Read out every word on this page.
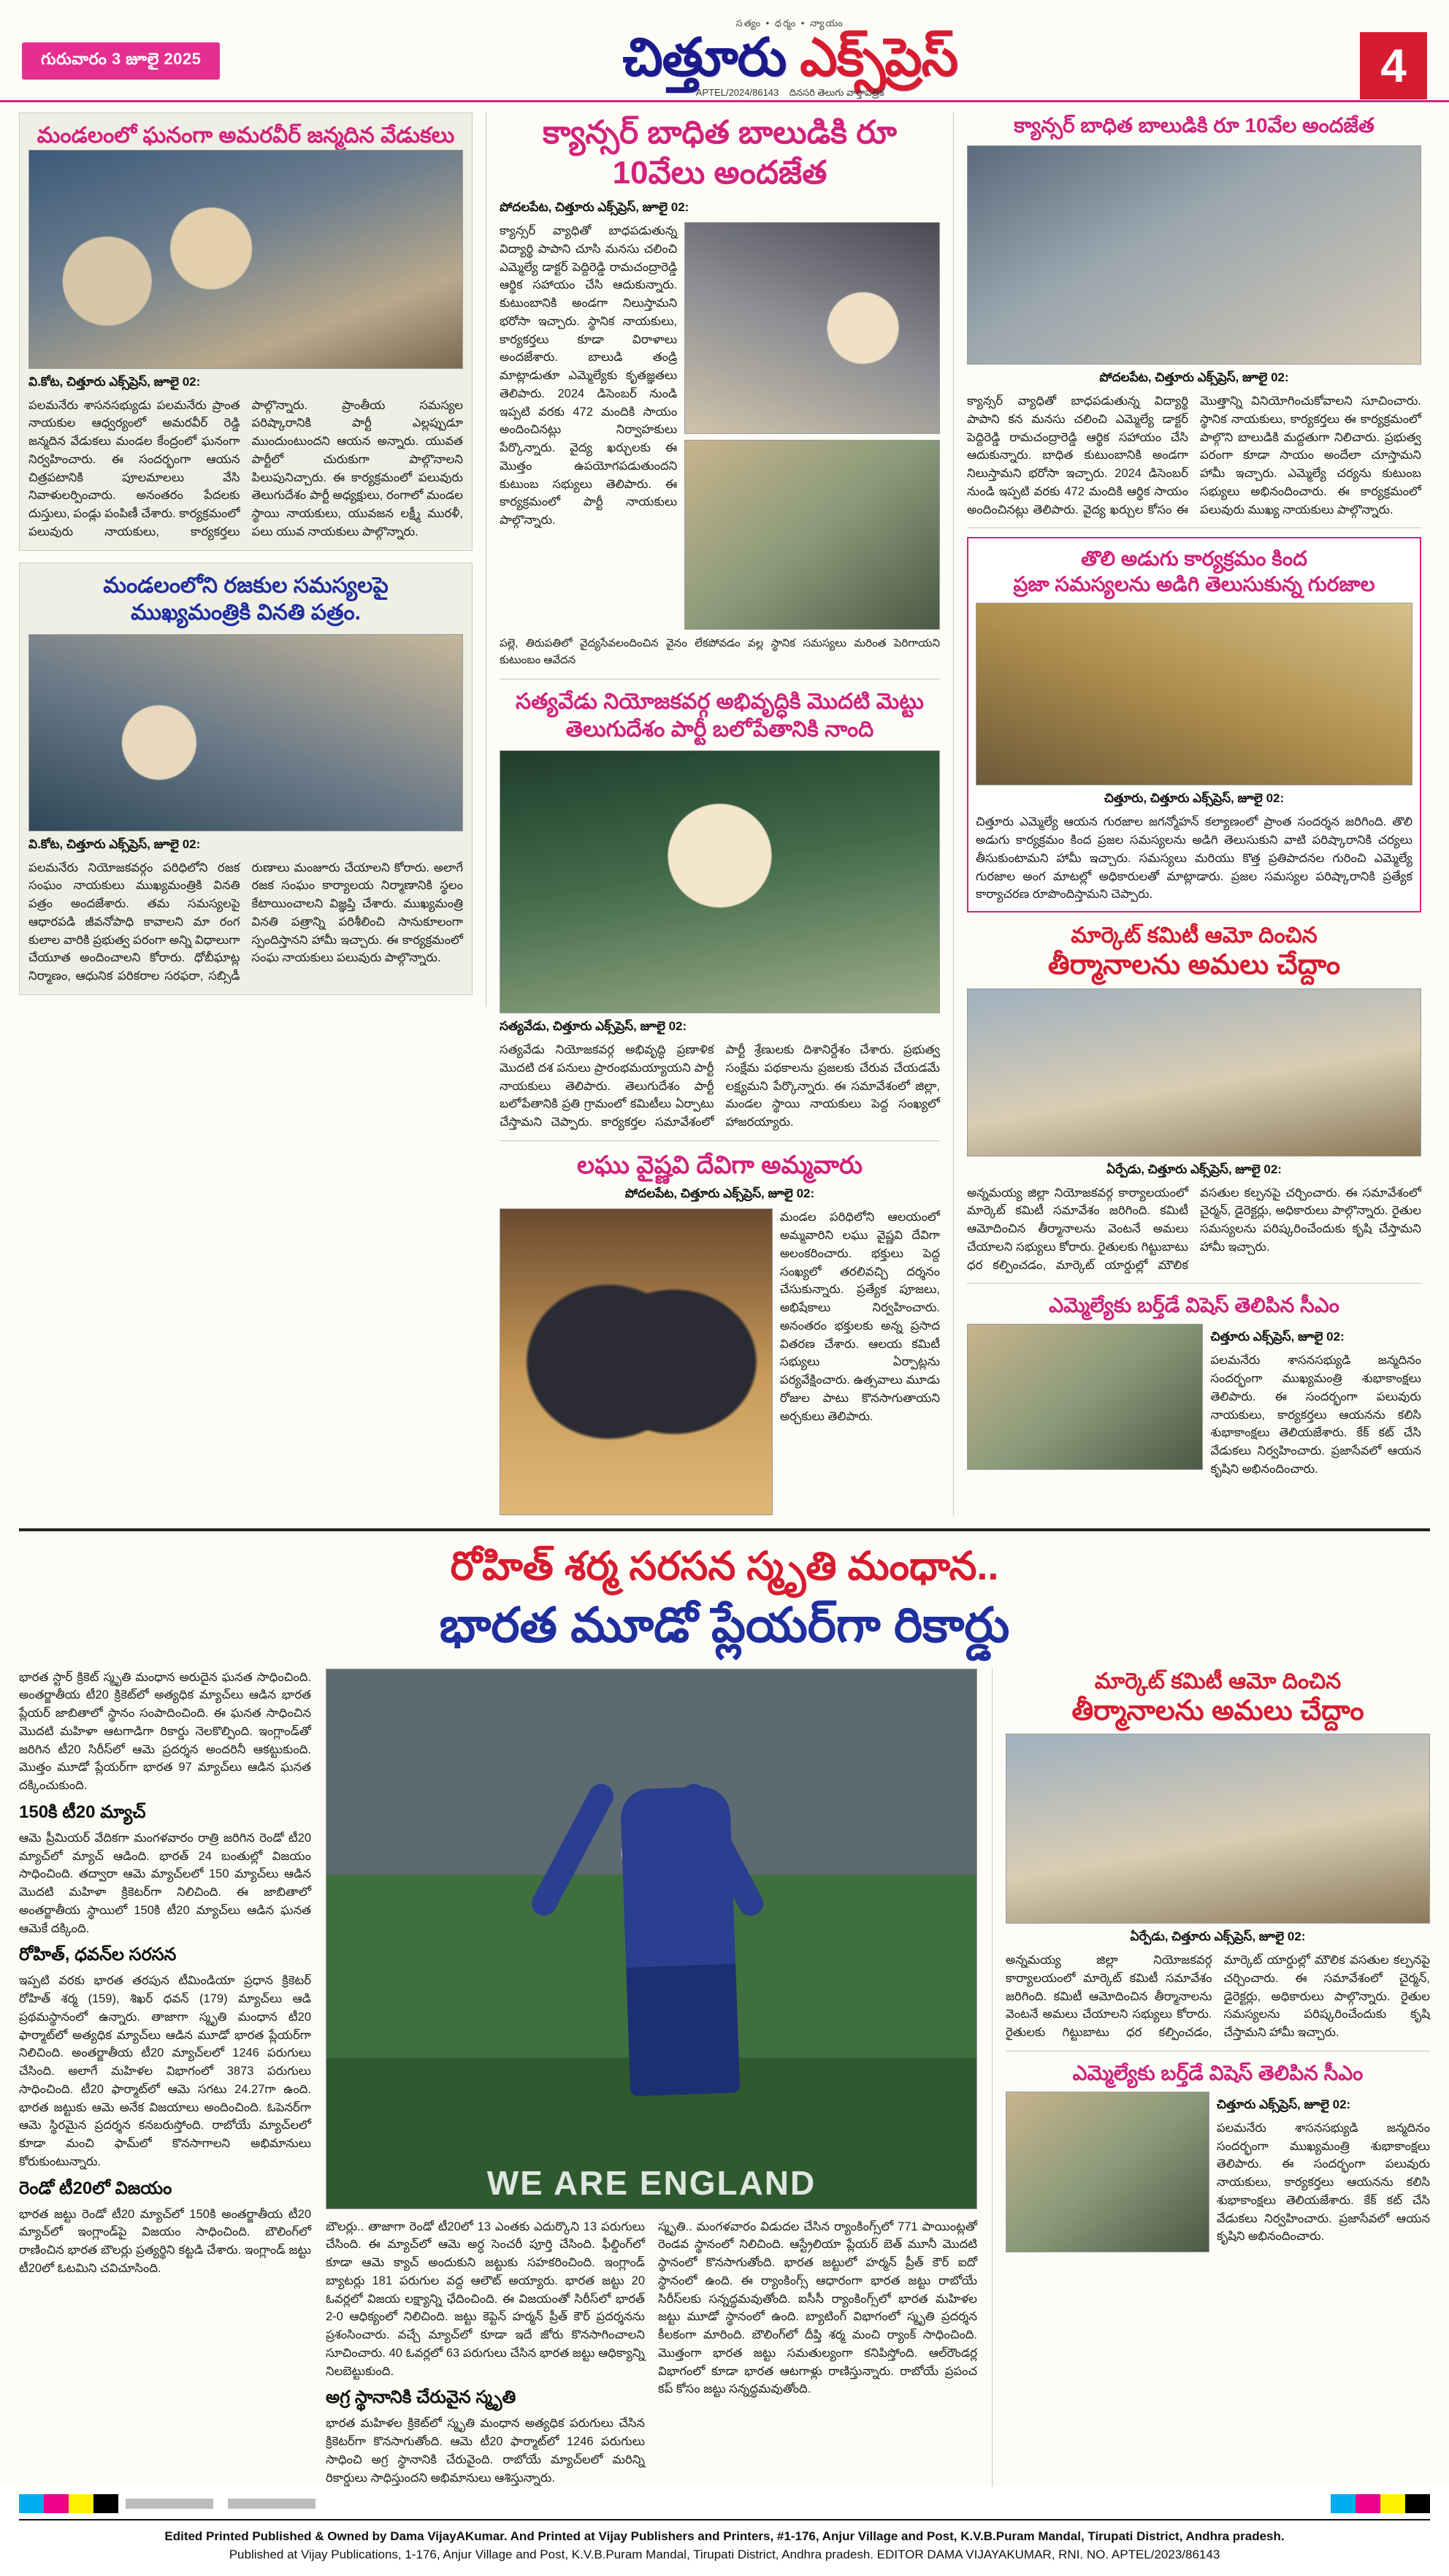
గురువారం 3 జూలై 2025
సత్యం • ధర్మం • న్యాయం
చిత్తూరు ఎక్స్‌ప్రెస్
APTEL/2024/86143 దినసరి తెలుగు వార్తాపత్రిక
4
మండలంలో ఘనంగా అమరవీర్ జన్మదిన వేడుకలు
వి.కోట, చిత్తూరు ఎక్స్‌ప్రెస్, జూలై 02:
పలమనేరు శాసనసభ్యుడు పలమనేరు ప్రాంత నాయకుల ఆధ్వర్యంలో అమరవీర్ రెడ్డి జన్మదిన వేడుకలు మండల కేంద్రంలో ఘనంగా నిర్వహించారు. ఈ సందర్భంగా ఆయన చిత్రపటానికి పూలమాలలు వేసి నివాళులర్పించారు. అనంతరం పేదలకు దుస్తులు, పండ్లు పంపిణీ చేశారు. కార్యక్రమంలో పలువురు నాయకులు, కార్యకర్తలు పాల్గొన్నారు. ప్రాంతీయ సమస్యల పరిష్కారానికి పార్టీ ఎల్లప్పుడూ ముందుంటుందని ఆయన అన్నారు. యువత పార్టీలో చురుకుగా పాల్గొనాలని పిలుపునిచ్చారు. ఈ కార్యక్రమంలో పలువురు తెలుగుదేశం పార్టీ అధ్యక్షులు, రంగాలో మండల స్థాయి నాయకులు, యువజన లక్ష్మీ మురళీ, పలు యువ నాయకులు పాల్గొన్నారు.
మండలంలోని రజకుల సమస్యలపై
ముఖ్యమంత్రికి వినతి పత్రం.
వి.కోట, చిత్తూరు ఎక్స్‌ప్రెస్, జూలై 02:
పలమనేరు నియోజకవర్గం పరిధిలోని రజక సంఘం నాయకులు ముఖ్యమంత్రికి వినతి పత్రం అందజేశారు. తమ సమస్యలపై ఆధారపడి జీవనోపాధి కావాలని మా రంగ కులాల వారికి ప్రభుత్వ పరంగా అన్ని విధాలుగా చేయూత అందించాలని కోరారు. ధోబీఘాట్ల నిర్మాణం, ఆధునిక పరికరాల సరఫరా, సబ్సిడీ రుణాలు మంజూరు చేయాలని కోరారు. అలాగే రజక సంఘం కార్యాలయ నిర్మాణానికి స్థలం కేటాయించాలని విజ్ఞప్తి చేశారు. ముఖ్యమంత్రి వినతి పత్రాన్ని పరిశీలించి సానుకూలంగా స్పందిస్తానని హామీ ఇచ్చారు. ఈ కార్యక్రమంలో సంఘ నాయకులు పలువురు పాల్గొన్నారు.
క్యాన్సర్ బాధిత బాలుడికి రూ 10వేలు అందజేత
పోదలపేట, చిత్తూరు ఎక్స్‌ప్రెస్, జూలై 02:
క్యాన్సర్ వ్యాధితో బాధపడుతున్న విద్యార్థి పాపాని చూసి మనసు చలించి ఎమ్మెల్యే డాక్టర్ పెద్దిరెడ్డి రామచంద్రారెడ్డి ఆర్థిక సహాయం చేసి ఆదుకున్నారు. కుటుంబానికి అండగా నిలుస్తామని భరోసా ఇచ్చారు. స్థానిక నాయకులు, కార్యకర్తలు కూడా విరాళాలు అందజేశారు. బాలుడి తండ్రి మాట్లాడుతూ ఎమ్మెల్యేకు కృతజ్ఞతలు తెలిపారు. 2024 డిసెంబర్ నుండి ఇప్పటి వరకు 472 మందికి సాయం అందించినట్లు నిర్వాహకులు పేర్కొన్నారు. వైద్య ఖర్చులకు ఈ మొత్తం ఉపయోగపడుతుందని కుటుంబ సభ్యులు తెలిపారు. ఈ కార్యక్రమంలో పార్టీ నాయకులు పాల్గొన్నారు.
పల్లె, తిరుపతిలో వైద్యసేవలందించిన వైనం లేకపోవడం వల్ల స్థానిక సమస్యలు మరింత పెరిగాయని కుటుంబం ఆవేదన
సత్యవేడు నియోజకవర్గ అభివృద్ధికి మొదటి మెట్టు
తెలుగుదేశం పార్టీ బలోపేతానికి నాంది
సత్యవేడు, చిత్తూరు ఎక్స్‌ప్రెస్, జూలై 02:
సత్యవేడు నియోజకవర్గ అభివృద్ధి ప్రణాళిక మొదటి దశ పనులు ప్రారంభమయ్యాయని పార్టీ నాయకులు తెలిపారు. తెలుగుదేశం పార్టీ బలోపేతానికి ప్రతి గ్రామంలో కమిటీలు ఏర్పాటు చేస్తామని చెప్పారు. కార్యకర్తల సమావేశంలో పార్టీ శ్రేణులకు దిశానిర్దేశం చేశారు. ప్రభుత్వ సంక్షేమ పథకాలను ప్రజలకు చేరువ చేయడమే లక్ష్యమని పేర్కొన్నారు. ఈ సమావేశంలో జిల్లా, మండల స్థాయి నాయకులు పెద్ద సంఖ్యలో హాజరయ్యారు.
లఘు వైష్ణవి దేవిగా అమ్మవారు
పోదలపేట, చిత్తూరు ఎక్స్‌ప్రెస్, జూలై 02:
మండల పరిధిలోని ఆలయంలో అమ్మవారిని లఘు వైష్ణవి దేవిగా అలంకరించారు. భక్తులు పెద్ద సంఖ్యలో తరలివచ్చి దర్శనం చేసుకున్నారు. ప్రత్యేక పూజలు, అభిషేకాలు నిర్వహించారు. అనంతరం భక్తులకు అన్న ప్రసాద వితరణ చేశారు. ఆలయ కమిటీ సభ్యులు ఏర్పాట్లను పర్యవేక్షించారు. ఉత్సవాలు మూడు రోజుల పాటు కొనసాగుతాయని అర్చకులు తెలిపారు.
క్యాన్సర్ బాధిత బాలుడికి రూ 10వేల అందజేత
పోదలపేట, చిత్తూరు ఎక్స్‌ప్రెస్, జూలై 02:
క్యాన్సర్ వ్యాధితో బాధపడుతున్న విద్యార్థి పాపాని కన మనసు చలించి ఎమ్మెల్యే డాక్టర్ పెద్దిరెడ్డి రామచంద్రారెడ్డి ఆర్థిక సహాయం చేసి ఆదుకున్నారు. బాధిత కుటుంబానికి అండగా నిలుస్తామని భరోసా ఇచ్చారు. 2024 డిసెంబర్ నుండి ఇప్పటి వరకు 472 మందికి ఆర్థిక సాయం అందించినట్లు తెలిపారు. వైద్య ఖర్చుల కోసం ఈ మొత్తాన్ని వినియోగించుకోవాలని సూచించారు. స్థానిక నాయకులు, కార్యకర్తలు ఈ కార్యక్రమంలో పాల్గొని బాలుడికి మద్దతుగా నిలిచారు. ప్రభుత్వ పరంగా కూడా సాయం అందేలా చూస్తామని హామీ ఇచ్చారు. ఎమ్మెల్యే చర్యను కుటుంబ సభ్యులు అభినందించారు. ఈ కార్యక్రమంలో పలువురు ముఖ్య నాయకులు పాల్గొన్నారు.
తొలి అడుగు కార్యక్రమం కింద
ప్రజా సమస్యలను అడిగి తెలుసుకున్న గురజాల
చిత్తూరు, చిత్తూరు ఎక్స్‌ప్రెస్, జూలై 02:
చిత్తూరు ఎమ్మెల్యే ఆయన గురజాల జగన్మోహన్ కల్యాణంలో ప్రాంత సందర్శన జరిగింది. తొలి అడుగు కార్యక్రమం కింద ప్రజల సమస్యలను అడిగి తెలుసుకుని వాటి పరిష్కారానికి చర్యలు తీసుకుంటామని హామీ ఇచ్చారు. సమస్యలు మరియు కొత్త ప్రతిపాదనల గురించి ఎమ్మెల్యే గురజాల అంగ మాటల్లో అధికారులతో మాట్లాడారు. ప్రజల సమస్యల పరిష్కారానికి ప్రత్యేక కార్యాచరణ రూపొందిస్తామని చెప్పారు.
మార్కెట్ కమిటీ ఆమో దించిన
తీర్మానాలను అమలు చేద్దాం
ఏర్పేడు, చిత్తూరు ఎక్స్‌ప్రెస్, జూలై 02:
అన్నమయ్య జిల్లా నియోజకవర్గ కార్యాలయంలో మార్కెట్ కమిటీ సమావేశం జరిగింది. కమిటీ ఆమోదించిన తీర్మానాలను వెంటనే అమలు చేయాలని సభ్యులు కోరారు. రైతులకు గిట్టుబాటు ధర కల్పించడం, మార్కెట్ యార్డుల్లో మౌలిక వసతుల కల్పనపై చర్చించారు. ఈ సమావేశంలో చైర్మన్, డైరెక్టర్లు, అధికారులు పాల్గొన్నారు. రైతుల సమస్యలను పరిష్కరించేందుకు కృషి చేస్తామని హామీ ఇచ్చారు.
ఎమ్మెల్యేకు బర్త్‌డే విషెస్ తెలిపిన సీఎం
చిత్తూరు ఎక్స్‌ప్రెస్, జూలై 02:
పలమనేరు శాసనసభ్యుడి జన్మదినం సందర్భంగా ముఖ్యమంత్రి శుభాకాంక్షలు తెలిపారు. ఈ సందర్భంగా పలువురు నాయకులు, కార్యకర్తలు ఆయనను కలిసి శుభాకాంక్షలు తెలియజేశారు. కేక్ కట్ చేసి వేడుకలు నిర్వహించారు. ప్రజాసేవలో ఆయన కృషిని అభినందించారు.
రోహిత్ శర్మ సరసన స్మృతి మంధాన..
భారత మూడో ప్లేయర్‌గా రికార్డు
భారత స్టార్ క్రికెట్ స్మృతి మంధాన అరుదైన ఘనత సాధించింది. అంతర్జాతీయ టీ20 క్రికెట్‌లో అత్యధిక మ్యాచ్‌లు ఆడిన భారత ప్లేయర్ జాబితాలో స్థానం సంపాదించింది. ఈ ఘనత సాధించిన మొదటి మహిళా ఆటగాడిగా రికార్డు నెలకొల్పింది. ఇంగ్లాండ్‌తో జరిగిన టీ20 సిరీస్‌లో ఆమె ప్రదర్శన అందరినీ ఆకట్టుకుంది. మొత్తం మూడో ప్లేయర్‌గా భారత 97 మ్యాచ్‌లు ఆడిన ఘనత దక్కించుకుంది.
150కి టీ20 మ్యాచ్
ఆమె ప్రీమియర్ వేదికగా మంగళవారం రాత్రి జరిగిన రెండో టీ20 మ్యాచ్‌లో మ్యాచ్ ఆడింది. భారత్ 24 బంతుల్లో విజయం సాధించింది. తద్వారా ఆమె మ్యాచ్‌లలో 150 మ్యాచ్‌లు ఆడిన మొదటి మహిళా క్రికెటర్‌గా నిలిచింది. ఈ జాబితాలో అంతర్జాతీయ స్థాయిలో 150కి టీ20 మ్యాచ్‌లు ఆడిన ఘనత ఆమెకే దక్కింది.
రోహిత్, ధవన్‌ల సరసన
ఇప్పటి వరకు భారత తరపున టీమిండియా ప్రధాన క్రికెటర్ రోహిత్ శర్మ (159), శిఖర్ ధవన్ (179) మ్యాచ్‌లు ఆడి ప్రథమస్థానంలో ఉన్నారు. తాజాగా స్మృతి మంధాన టీ20 ఫార్మాట్‌లో అత్యధిక మ్యాచ్‌లు ఆడిన మూడో భారత ప్లేయర్‌గా నిలిచింది. అంతర్జాతీయ టీ20 మ్యాచ్‌లలో 1246 పరుగులు చేసింది. అలాగే మహిళల విభాగంలో 3873 పరుగులు సాధించింది. టీ20 ఫార్మాట్‌లో ఆమె సగటు 24.27గా ఉంది. భారత జట్టుకు ఆమె అనేక విజయాలు అందించింది. ఓపెనర్‌గా ఆమె స్థిరమైన ప్రదర్శన కనబరుస్తోంది. రాబోయే మ్యాచ్‌లలో కూడా మంచి ఫామ్‌లో కొనసాగాలని అభిమానులు కోరుకుంటున్నారు.
రెండో టీ20లో విజయం
భారత జట్టు రెండో టీ20 మ్యాచ్‌లో 150కి అంతర్జాతీయ టీ20 మ్యాచ్‌లో ఇంగ్లాండ్‌పై విజయం సాధించింది. బౌలింగ్‌లో రాణించిన భారత బౌలర్లు ప్రత్యర్థిని కట్టడి చేశారు. ఇంగ్లాండ్ జట్టు టీ20లో ఓటమిని చవిచూసింది.
WE ARE ENGLAND
బౌలర్లు.. తాజాగా రెండో టీ20లో 13 ఎంతకు ఎదుర్కొని 13 పరుగులు చేసింది. ఈ మ్యాచ్‌లో ఆమె అర్ధ సెంచరీ పూర్తి చేసింది. ఫీల్డింగ్‌లో కూడా ఆమె క్యాచ్ అందుకుని జట్టుకు సహకరించింది. ఇంగ్లాండ్ బ్యాటర్లు 181 పరుగుల వద్ద ఆలౌట్ అయ్యారు. భారత జట్టు 20 ఓవర్లలో విజయ లక్ష్యాన్ని ఛేదించింది. ఈ విజయంతో సిరీస్‌లో భారత్ 2-0 ఆధిక్యంలో నిలిచింది. జట్టు కెప్టెన్ హర్మన్ ప్రీత్ కౌర్ ప్రదర్శనను ప్రశంసించారు. వచ్చే మ్యాచ్‌లో కూడా ఇదే జోరు కొనసాగించాలని సూచించారు. 40 ఓవర్లలో 63 పరుగులు చేసిన భారత జట్టు ఆధిక్యాన్ని నిలబెట్టుకుంది.
అగ్ర స్థానానికి చేరువైన స్మృతి
భారత మహిళల క్రికెట్‌లో స్మృతి మంధాన అత్యధిక పరుగులు చేసిన క్రికెటర్‌గా కొనసాగుతోంది. ఆమె టీ20 ఫార్మాట్‌లో 1246 పరుగులు సాధించి అగ్ర స్థానానికి చేరువైంది. రాబోయే మ్యాచ్‌లలో మరిన్ని రికార్డులు సాధిస్తుందని అభిమానులు ఆశిస్తున్నారు.
స్మృతి.. మంగళవారం విడుదల చేసిన ర్యాంకింగ్స్‌లో 771 పాయింట్లతో రెండవ స్థానంలో నిలిచింది. ఆస్ట్రేలియా ప్లేయర్ బెత్ మూనీ మొదటి స్థానంలో కొనసాగుతోంది. భారత జట్టులో హర్మన్ ప్రీత్ కౌర్ ఐదో స్థానంలో ఉంది. ఈ ర్యాంకింగ్స్ ఆధారంగా భారత జట్టు రాబోయే సిరీస్‌లకు సన్నద్ధమవుతోంది. ఐసీసీ ర్యాంకింగ్స్‌లో భారత మహిళల జట్టు మూడో స్థానంలో ఉంది. బ్యాటింగ్ విభాగంలో స్మృతి ప్రదర్శన కీలకంగా మారింది. బౌలింగ్‌లో దీప్తి శర్మ మంచి ర్యాంక్ సాధించింది. మొత్తంగా భారత జట్టు సమతుల్యంగా కనిపిస్తోంది. ఆల్‌రౌండర్ల విభాగంలో కూడా భారత ఆటగాళ్లు రాణిస్తున్నారు. రాబోయే ప్రపంచ కప్ కోసం జట్టు సన్నద్ధమవుతోంది.
మార్కెట్ కమిటీ ఆమో దించిన
తీర్మానాలను అమలు చేద్దాం
ఏర్పేడు, చిత్తూరు ఎక్స్‌ప్రెస్, జూలై 02:
అన్నమయ్య జిల్లా నియోజకవర్గ కార్యాలయంలో మార్కెట్ కమిటీ సమావేశం జరిగింది. కమిటీ ఆమోదించిన తీర్మానాలను వెంటనే అమలు చేయాలని సభ్యులు కోరారు. రైతులకు గిట్టుబాటు ధర కల్పించడం, మార్కెట్ యార్డుల్లో మౌలిక వసతుల కల్పనపై చర్చించారు. ఈ సమావేశంలో చైర్మన్, డైరెక్టర్లు, అధికారులు పాల్గొన్నారు. రైతుల సమస్యలను పరిష్కరించేందుకు కృషి చేస్తామని హామీ ఇచ్చారు.
ఎమ్మెల్యేకు బర్త్‌డే విషెస్ తెలిపిన సీఎం
చిత్తూరు ఎక్స్‌ప్రెస్, జూలై 02:
పలమనేరు శాసనసభ్యుడి జన్మదినం సందర్భంగా ముఖ్యమంత్రి శుభాకాంక్షలు తెలిపారు. ఈ సందర్భంగా పలువురు నాయకులు, కార్యకర్తలు ఆయనను కలిసి శుభాకాంక్షలు తెలియజేశారు. కేక్ కట్ చేసి వేడుకలు నిర్వహించారు. ప్రజాసేవలో ఆయన కృషిని అభినందించారు.
Edited Printed Published & Owned by Dama VijayAKumar. And Printed at Vijay Publishers and Printers, #1-176, Anjur Village and Post, K.V.B.Puram Mandal, Tirupati District, Andhra pradesh.
Published at Vijay Publications, 1-176, Anjur Village and Post, K.V.B.Puram Mandal, Tirupati District, Andhra pradesh. EDITOR DAMA VIJAYAKUMAR, RNI. NO. APTEL/2023/86143
